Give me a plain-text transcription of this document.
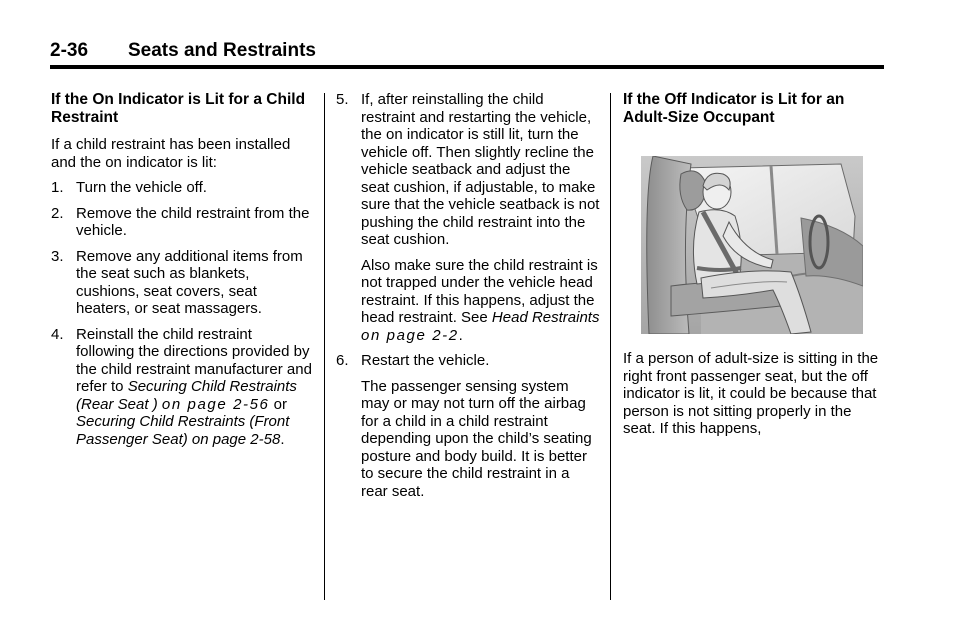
2-36 Seats and Restraints
If the On Indicator is Lit for a Child Restraint

If a child restraint has been installed and the on indicator is lit:

1. Turn the vehicle off.
2. Remove the child restraint from the vehicle.
3. Remove any additional items from the seat such as blankets, cushions, seat covers, seat heaters, or seat massagers.
4. Reinstall the child restraint following the directions provided by the child restraint manufacturer and refer to Securing Child Restraints (Rear Seat ) on page 2-56 or Securing Child Restraints (Front Passenger Seat) on page 2-58.
5. If, after reinstalling the child restraint and restarting the vehicle, the on indicator is still lit, turn the vehicle off. Then slightly recline the vehicle seatback and adjust the seat cushion, if adjustable, to make sure that the vehicle seatback is not pushing the child restraint into the seat cushion.

Also make sure the child restraint is not trapped under the vehicle head restraint. If this happens, adjust the head restraint. See Head Restraints
on page 2-2.

6. Restart the vehicle.

The passenger sensing system may or may not turn off the airbag for a child in a child restraint depending upon the child’s seating posture and body build. It is better to secure the child restraint in a rear seat.

If the Off Indicator is Lit for an Adult-Size Occupant

If a person of adult-size is sitting in the right front passenger seat, but the off indicator is lit, it could be because that person is not sitting properly in the seat. If this happens,
